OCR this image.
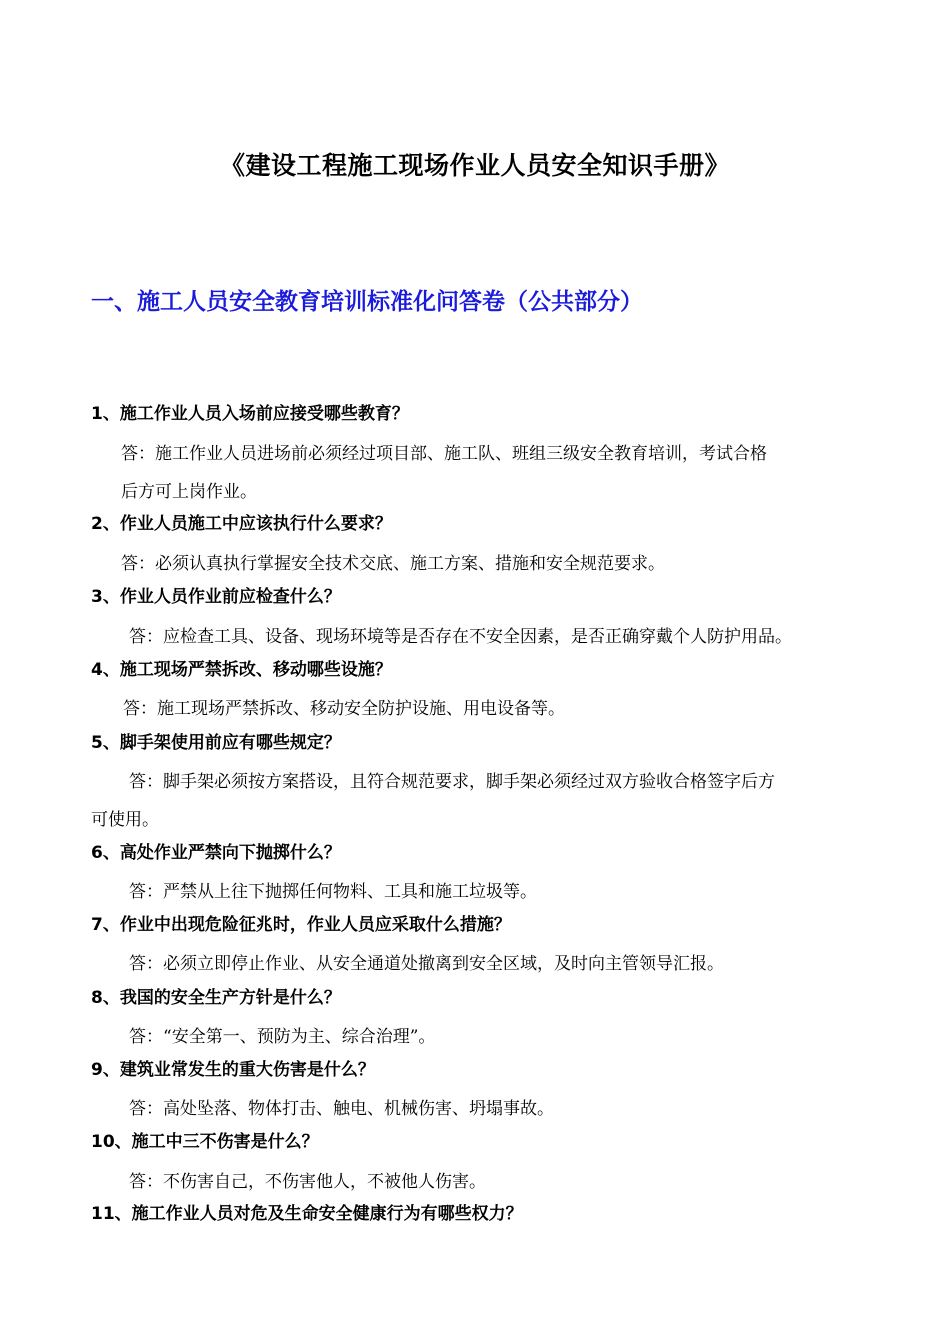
《建设工程施工现场作业人员安全知识手册》
一、施工人员安全教育培训标准化问答卷（公共部分）
1、施工作业人员入场前应接受哪些教育？
答：施工作业人员进场前必须经过项目部、施工队、班组三级安全教育培训，考试合格
后方可上岗作业。
2、作业人员施工中应该执行什么要求？
答：必须认真执行掌握安全技术交底、施工方案、措施和安全规范要求。
3、作业人员作业前应检查什么？
答：应检查工具、设备、现场环境等是否存在不安全因素，是否正确穿戴个人防护用品。
4、施工现场严禁拆改、移动哪些设施？
答：施工现场严禁拆改、移动安全防护设施、用电设备等。
5、脚手架使用前应有哪些规定？
答：脚手架必须按方案搭设，且符合规范要求，脚手架必须经过双方验收合格签字后方
可使用。
6、高处作业严禁向下抛掷什么？
答：严禁从上往下抛掷任何物料、工具和施工垃圾等。
7、作业中出现危险征兆时，作业人员应采取什么措施？
答：必须立即停止作业、从安全通道处撤离到安全区域，及时向主管领导汇报。
8、我国的安全生产方针是什么？
答：“安全第一、预防为主、综合治理”。
9、建筑业常发生的重大伤害是什么？
答：高处坠落、物体打击、触电、机械伤害、坍塌事故。
10、施工中三不伤害是什么？
答：不伤害自己，不伤害他人，不被他人伤害。
11、施工作业人员对危及生命安全健康行为有哪些权力？
